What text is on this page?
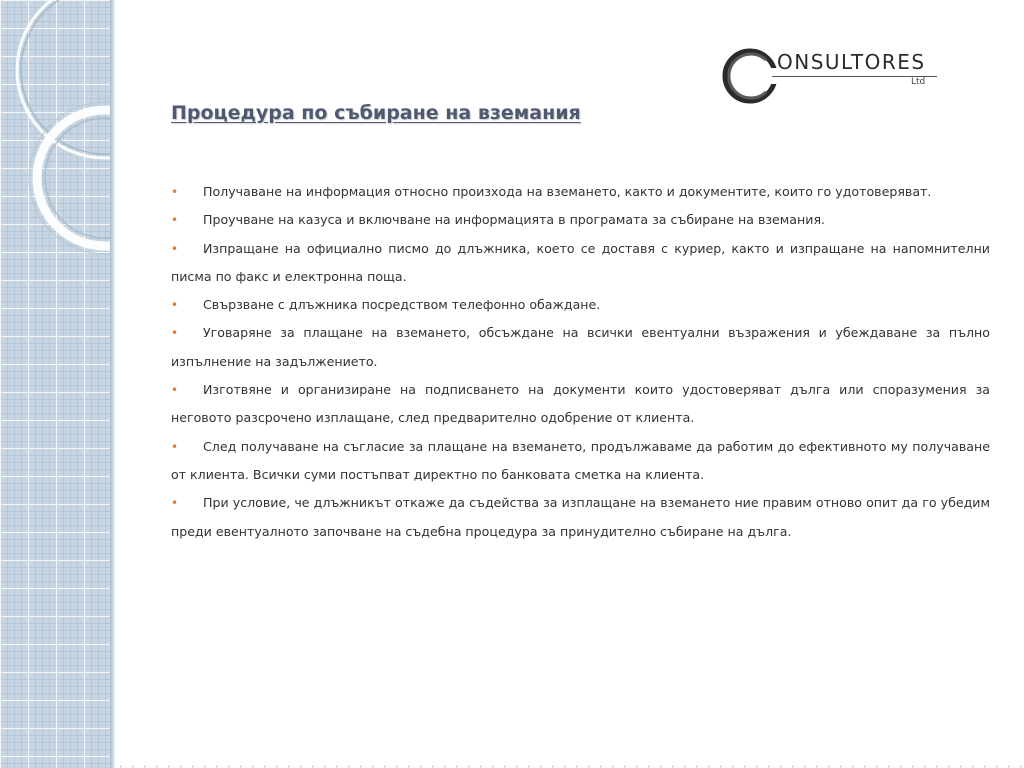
ONSULTORES
Ltd
Процедура по събиране на вземания
• Получаване на информация относно произхода на вземането, както и документите, които го удотоверяват.
• Проучване на казуса и включване на информацията в програмата за събиране на вземания.
• Изпращане на официално писмо до длъжника, което се доставя с куриер, както и изпращане на напомнителни писма по факс и електронна поща.
• Свързване с длъжника посредством телефонно обаждане.
• Уговаряне за плащане на вземането, обсъждане на всички евентуални възражения и убеждаване за пълно изпълнение на задължението.
• Изготвяне и организиране на подписването на документи които удостоверяват дълга или споразумения за неговото разсрочено изплащане, след предварително одобрение от клиента.
• След получаване на съгласие за плащане на вземането, продължаваме да работим до ефективното му получаване от клиента. Всички суми постъпват директно по банковата сметка на клиента.
• При условие, че длъжникът откаже да съдейства за изплащане на вземането ние правим отново опит да го убедим преди евентуалното започване на съдебна процедура за принудително събиране на дълга.
